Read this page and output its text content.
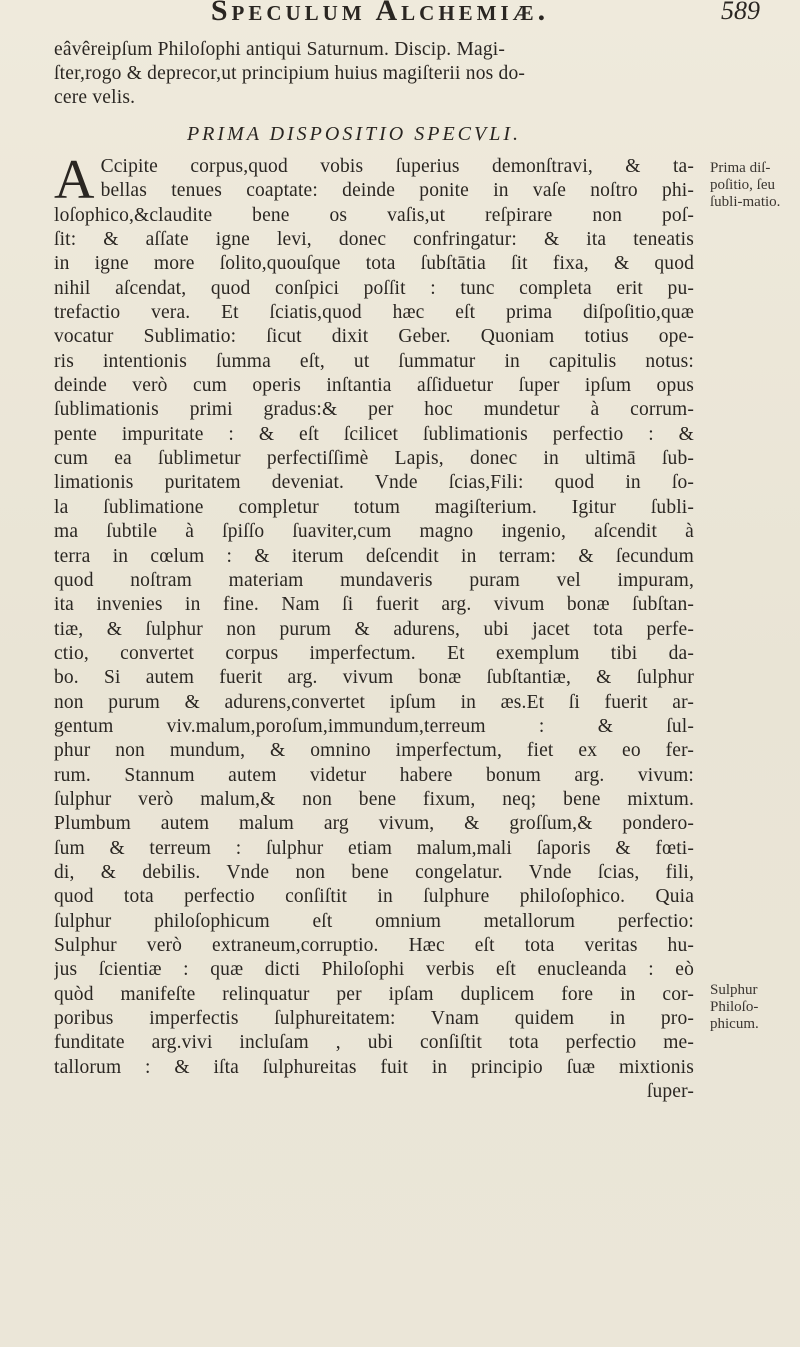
Speculum Alchemiæ.	589
eâvêreipſum Philoſophi antiqui Saturnum. Discip. Magi-
ſter,rogo & deprecor,ut principium huius magiſterii nos do-
cere velis.
PRIMA DISPOSITIO SPECVLI.
A Ccipite corpus,quod vobis ſuperius demonſtravi, & ta-
bellas tenues coaptate: deinde ponite in vaſe noſtro phi-
loſophico,&claudite bene os vaſis,ut reſpirare non poſ-
ſit: & aſſate igne levi, donec confringatur: & ita teneatis
in igne more ſolito,quouſque tota ſubſtātia ſit fixa, & quod
nihil aſcendat, quod conſpici poſſit : tunc completa erit pu-
trefactio vera. Et ſciatis,quod hæc eſt prima diſpoſitio,quæ
vocatur Sublimatio: ſicut dixit Geber. Quoniam totius ope-
ris intentionis ſumma eſt, ut ſummatur in capitulis notus:
deinde verò cum operis inſtantia aſſiduetur ſuper ipſum opus
ſublimationis primi gradus:& per hoc mundetur à corrum-
pente impuritate : & eſt ſcilicet ſublimationis perfectio : &
cum ea ſublimetur perfectiſſimè Lapis, donec in ultimā ſub-
limationis puritatem deveniat. Vnde ſcias,Fili: quod in ſo-
la ſublimatione completur totum magiſterium. Igitur ſubli-
ma ſubtile à ſpiſſo ſuaviter,cum magno ingenio, aſcendit à
terra in cœlum : & iterum deſcendit in terram: & ſecundum
quod noſtram materiam mundaveris puram vel impuram,
ita invenies in fine. Nam ſi fuerit arg. vivum bonæ ſubſtan-
tiæ, & ſulphur non purum & adurens, ubi jacet tota perfe-
ctio, convertet corpus imperfectum. Et exemplum tibi da-
bo. Si autem fuerit arg. vivum bonæ ſubſtantiæ, & ſulphur
non purum & adurens,convertet ipſum in æs.Et ſi fuerit ar-
gentum viv.malum,poroſum,immundum,terreum : & ſul-
phur non mundum, & omnino imperfectum, fiet ex eo fer-
rum. Stannum autem videtur habere bonum arg. vivum:
ſulphur verò malum,& non bene fixum, neq; bene mixtum.
Plumbum autem malum arg vivum, & groſſum,& pondero-
ſum & terreum : ſulphur etiam malum,mali ſaporis & fœti-
di, & debilis. Vnde non bene congelatur. Vnde ſcias, fili,
quod tota perfectio conſiſtit in ſulphure philoſophico. Quia
ſulphur philoſophicum eſt omnium metallorum perfectio:
Sulphur verò extraneum,corruptio. Hæc eſt tota veritas hu-
jus ſcientiæ : quæ dicti Philoſophi verbis eſt enucleanda : eò
quòd manifeſte relinquatur per ipſam duplicem fore in cor-
poribus imperfectis ſulphureitatem: Vnam quidem in pro-
funditate arg.vivi incluſam , ubi conſiſtit tota perfectio me-
tallorum : & iſta ſulphureitas fuit in principio ſuæ mixtionis
ſuper-
Prima diſ-poſitio, ſeu ſubli-matio.
Sulphur Philoſo-phicum.
